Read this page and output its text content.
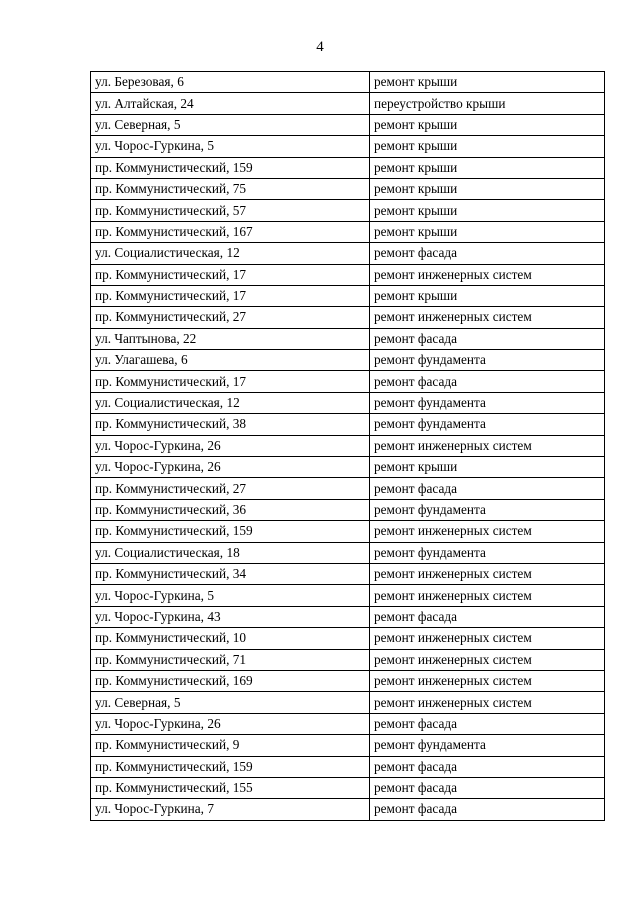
4
ул. Березовая, 6	ремонт крыши
ул. Алтайская, 24	переустройство крыши
ул. Северная, 5	ремонт крыши
ул. Чорос-Гуркина, 5	ремонт крыши
пр. Коммунистический, 159	ремонт крыши
пр. Коммунистический, 75	ремонт крыши
пр. Коммунистический, 57	ремонт крыши
пр. Коммунистический, 167	ремонт крыши
ул. Социалистическая, 12	ремонт фасада
пр. Коммунистический, 17	ремонт инженерных систем
пр. Коммунистический, 17	ремонт крыши
пр. Коммунистический, 27	ремонт инженерных систем
ул. Чаптынова, 22	ремонт фасада
ул. Улагашева, 6	ремонт фундамента
пр. Коммунистический, 17	ремонт фасада
ул. Социалистическая, 12	ремонт фундамента
пр. Коммунистический, 38	ремонт фундамента
ул. Чорос-Гуркина, 26	ремонт инженерных систем
ул. Чорос-Гуркина, 26	ремонт крыши
пр. Коммунистический, 27	ремонт фасада
пр. Коммунистический, 36	ремонт фундамента
пр. Коммунистический, 159	ремонт инженерных систем
ул. Социалистическая, 18	ремонт фундамента
пр. Коммунистический, 34	ремонт инженерных систем
ул. Чорос-Гуркина, 5	ремонт инженерных систем
ул. Чорос-Гуркина, 43	ремонт фасада
пр. Коммунистический, 10	ремонт инженерных систем
пр. Коммунистический, 71	ремонт инженерных систем
пр. Коммунистический, 169	ремонт инженерных систем
ул. Северная, 5	ремонт инженерных систем
ул. Чорос-Гуркина, 26	ремонт фасада
пр. Коммунистический, 9	ремонт фундамента
пр. Коммунистический, 159	ремонт фасада
пр. Коммунистический, 155	ремонт фасада
ул. Чорос-Гуркина, 7	ремонт фасада
